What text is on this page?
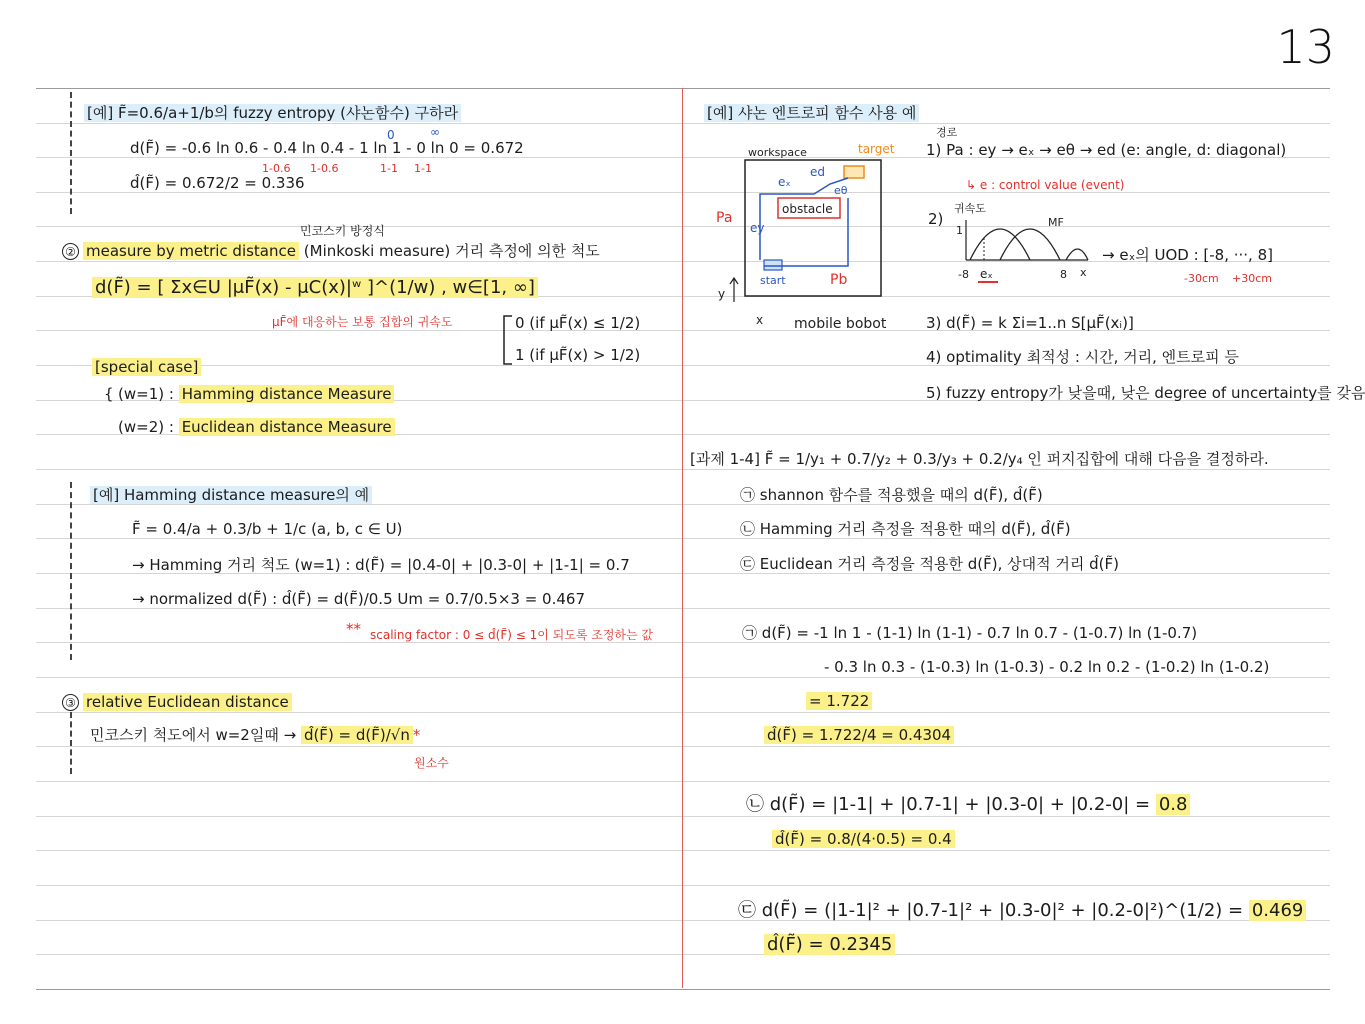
13
[예] F̃=0.6/a+1/b의 fuzzy entropy (샤논함수) 구하라
0	∞
d(F̃) = -0.6 ln 0.6 - 0.4 ln 0.4 - 1 ln 1 - 0 ln 0 = 0.672
1-0.6 1-0.6	1-1 1-1
d̂(F̃) = 0.672/2 = 0.336
민코스키 방정식
② measure by metric distance (Minkoski measure) 거리 측정에 의한 척도
d(F̃) = [ Σx∈U |μF̃(x) - μC(x)|ʷ ]^(1/w) , w∈[1, ∞]
μF̃에 대응하는 보통 집합의 귀속도	0 (if μF̃(x) ≤ 1/2)
1 (if μF̃(x) > 1/2)
[special case]
{ (w=1) : Hamming distance Measure
(w=2) : Euclidean distance Measure
[예] Hamming distance measure의 예
F̃ = 0.4/a + 0.3/b + 1/c (a, b, c ∈ U)
→ Hamming 거리 척도 (w=1) : d(F̃) = |0.4-0| + |0.3-0| + |1-1| = 0.7
→ normalized d(F̃) : d̂(F̃) = d(F̃)/0.5 Um = 0.7/0.5×3 = 0.467
** scaling factor : 0 ≤ d̂(F̃) ≤ 1이 되도록 조정하는 값
③ relative Euclidean distance
민코스키 척도에서 w=2일때 → d̂(F̃) = d(F̃)/√n *
원소수
[예] 샤논 엔트로피 함수 사용 예
workspace	target
obstacle
start
eₓ
ed
eθ
ey
Pa
Pb
y
x mobile bobot
경로
1) Pa : ey → eₓ → eθ → ed (e: angle, d: diagonal)
↳ e : control value (event)
2)
귀속도
MF
1
-8 eₓ	8 x
→ eₓ의 UOD : [-8, ···, 8]
-30cm +30cm
3) d(F̃) = k Σi=1..n S[μF̃(xᵢ)]
4) optimality 최적성 : 시간, 거리, 엔트로피 등
5) fuzzy entropy가 낮을때, 낮은 degree of uncertainty를 갖음
[과제 1-4] F̃ = 1/y₁ + 0.7/y₂ + 0.3/y₃ + 0.2/y₄ 인 퍼지집합에 대해 다음을 결정하라.
㉠ shannon 함수를 적용했을 때의 d(F̃), d̂(F̃)
㉡ Hamming 거리 측정을 적용한 때의 d(F̃), d̂(F̃)
㉢ Euclidean 거리 측정을 적용한 d(F̃), 상대적 거리 d̂(F̃)
㉠ d(F̃) = -1 ln 1 - (1-1) ln (1-1) - 0.7 ln 0.7 - (1-0.7) ln (1-0.7)
- 0.3 ln 0.3 - (1-0.3) ln (1-0.3) - 0.2 ln 0.2 - (1-0.2) ln (1-0.2)
= 1.722
d̂(F̃) = 1.722/4 = 0.4304
㉡ d(F̃) = |1-1| + |0.7-1| + |0.3-0| + |0.2-0| = 0.8
d̂(F̃) = 0.8/(4·0.5) = 0.4
㉢ d(F̃) = (|1-1|² + |0.7-1|² + |0.3-0|² + |0.2-0|²)^(1/2) = 0.469
d̂(F̃) = 0.2345
